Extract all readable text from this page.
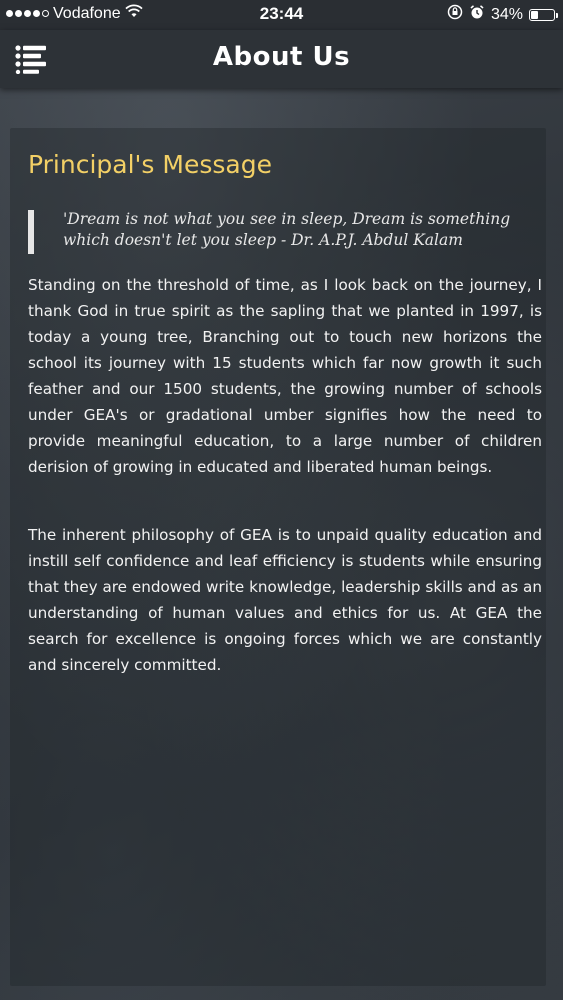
Vodafone	23:44	34%
About Us
Principal's Message
'Dream is not what you see in sleep, Dream is something which doesn't let you sleep - Dr. A.P.J. Abdul Kalam

Standing on the threshold of time, as I look back on the journey, I thank God in true spirit as the sapling that we planted in 1997, is today a young tree, Branching out to touch new horizons the school its journey with 15 students which far now growth it such feather and our 1500 students, the growing number of schools under GEA's or gradational umber signifies how the need to provide meaningful education, to a large number of children derision of growing in educated and liberated human beings.

The inherent philosophy of GEA is to unpaid quality education and instill self confidence and leaf efficiency is students while ensuring that they are endowed write knowledge, leadership skills and as an understanding of human values and ethics for us. At GEA the search for excellence is ongoing forces which we are constantly and sincerely committed.
